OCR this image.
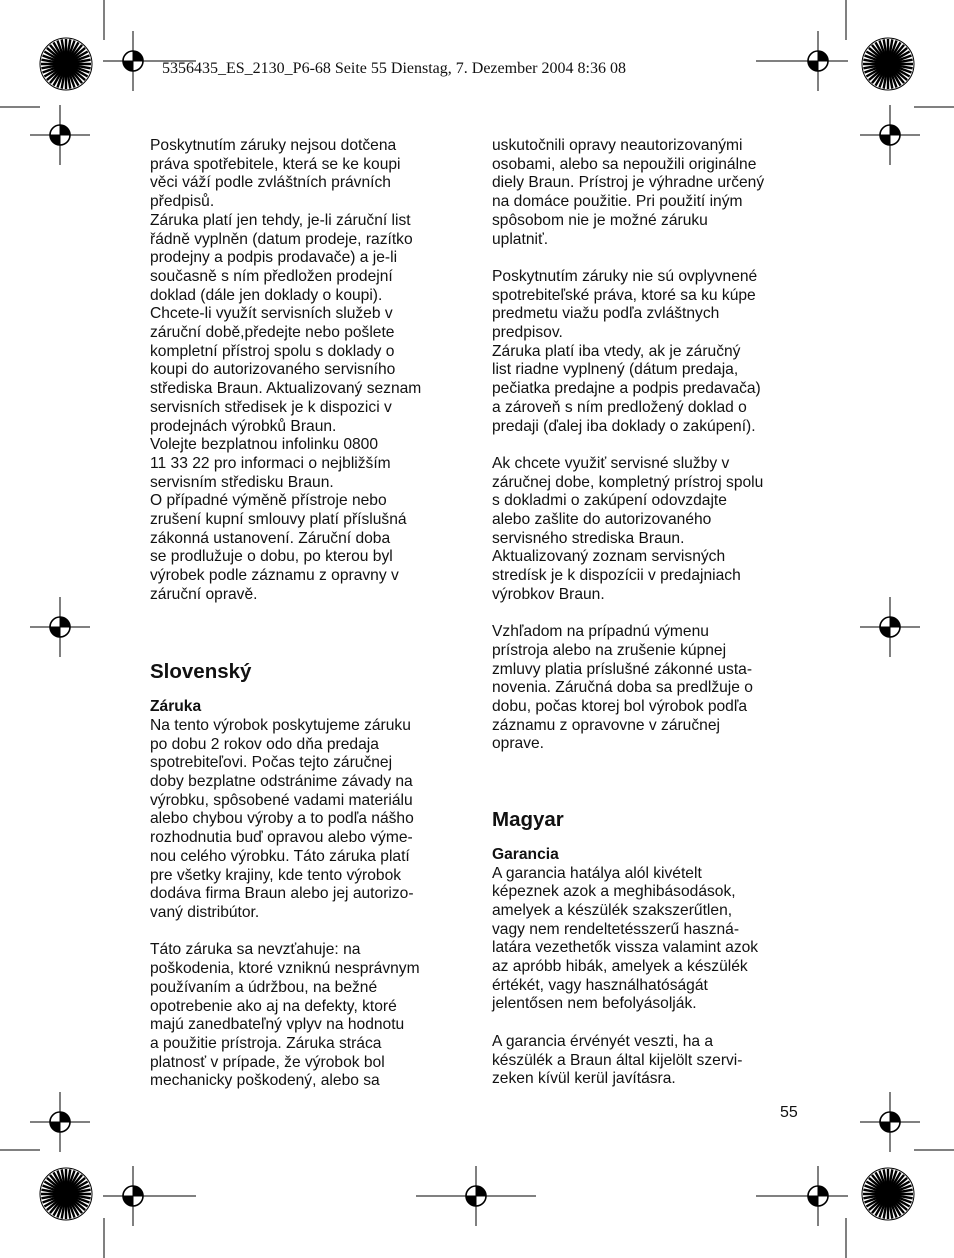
5356435_ES_2130_P6-68 Seite 55 Dienstag, 7. Dezember 2004 8:36 08
Poskytnutím záruky nejsou dotčena
práva spotřebitele, která se ke koupi
věci váží podle zvláštních právních
předpisů.
Záruka platí jen tehdy, je-li záruční list
řádně vyplněn (datum prodeje, razítko
prodejny a podpis prodavače) a je-li
současně s ním předložen prodejní
doklad (dále jen doklady o koupi).
Chcete-li využít servisních služeb v
záruční době,předejte nebo pošlete
kompletní přístroj spolu s doklady o
koupi do autorizovaného servisního
střediska Braun. Aktualizovaný seznam
servisních středisek je k dispozici v
prodejnách výrobků Braun.
Volejte bezplatnou infolinku 0800
11 33 22 pro informaci o nejbližším
servisním středisku Braun.
O případné výměně přístroje nebo
zrušení kupní smlouvy platí příslušná
zákonná ustanovení. Záruční doba
se prodlužuje o dobu, po kterou byl
výrobek podle záznamu z opravny v
záruční opravě.
Slovenský
Záruka
Na tento výrobok poskytujeme záruku
po dobu 2 rokov odo dňa predaja
spotrebiteľovi. Počas tejto záručnej
doby bezplatne odstránime závady na
výrobku, spôsobené vadami materiálu
alebo chybou výroby a to podľa nášho
rozhodnutia buď opravou alebo výme-
nou celého výrobku. Táto záruka platí
pre všetky krajiny, kde tento výrobok
dodáva firma Braun alebo jej autorizo-
vaný distribútor.
Táto záruka sa nevzťahuje: na
poškodenia, ktoré vzniknú nesprávnym
používaním a údržbou, na bežné
opotrebenie ako aj na defekty, ktoré
majú zanedbateľný vplyv na hodnotu
a použitie prístroja. Záruka stráca
platnosť v prípade, že výrobok bol
mechanicky poškodený, alebo sa
uskutočnili opravy neautorizovanými
osobami, alebo sa nepoužili originálne
diely Braun. Prístroj je výhradne určený
na domáce použitie. Pri použití iným
spôsobom nie je možné záruku
uplatniť.
Poskytnutím záruky nie sú ovplyvnené
spotrebiteľské práva, ktoré sa ku kúpe
predmetu viažu podľa zvláštnych
predpisov.
Záruka platí iba vtedy, ak je záručný
list riadne vyplnený (dátum predaja,
pečiatka predajne a podpis predavača)
a zároveň s ním predložený doklad o
predaji (ďalej iba doklady o zakúpení).
Ak chcete využiť servisné služby v
záručnej dobe, kompletný prístroj spolu
s dokladmi o zakúpení odovzdajte
alebo zašlite do autorizovaného
servisného strediska Braun.
Aktualizovaný zoznam servisných
stredísk je k dispozícii v predajniach
výrobkov Braun.
Vzhľadom na prípadnú výmenu
prístroja alebo na zrušenie kúpnej
zmluvy platia príslušné zákonné usta-
novenia. Záručná doba sa predlžuje o
dobu, počas ktorej bol výrobok podľa
záznamu z opravovne v záručnej
oprave.
Magyar
Garancia
A garancia hatálya alól kivételt
képeznek azok a meghibásodások,
amelyek a készülék szakszerűtlen,
vagy nem rendeltetésszerű haszná-
latára vezethetők vissza valamint azok
az apróbb hibák, amelyek a készülék
értékét, vagy használhatóságát
jelentősen nem befolyásolják.
A garancia érvényét veszti, ha a
készülék a Braun által kijelölt szervi-
zeken kívül kerül javításra.
55
